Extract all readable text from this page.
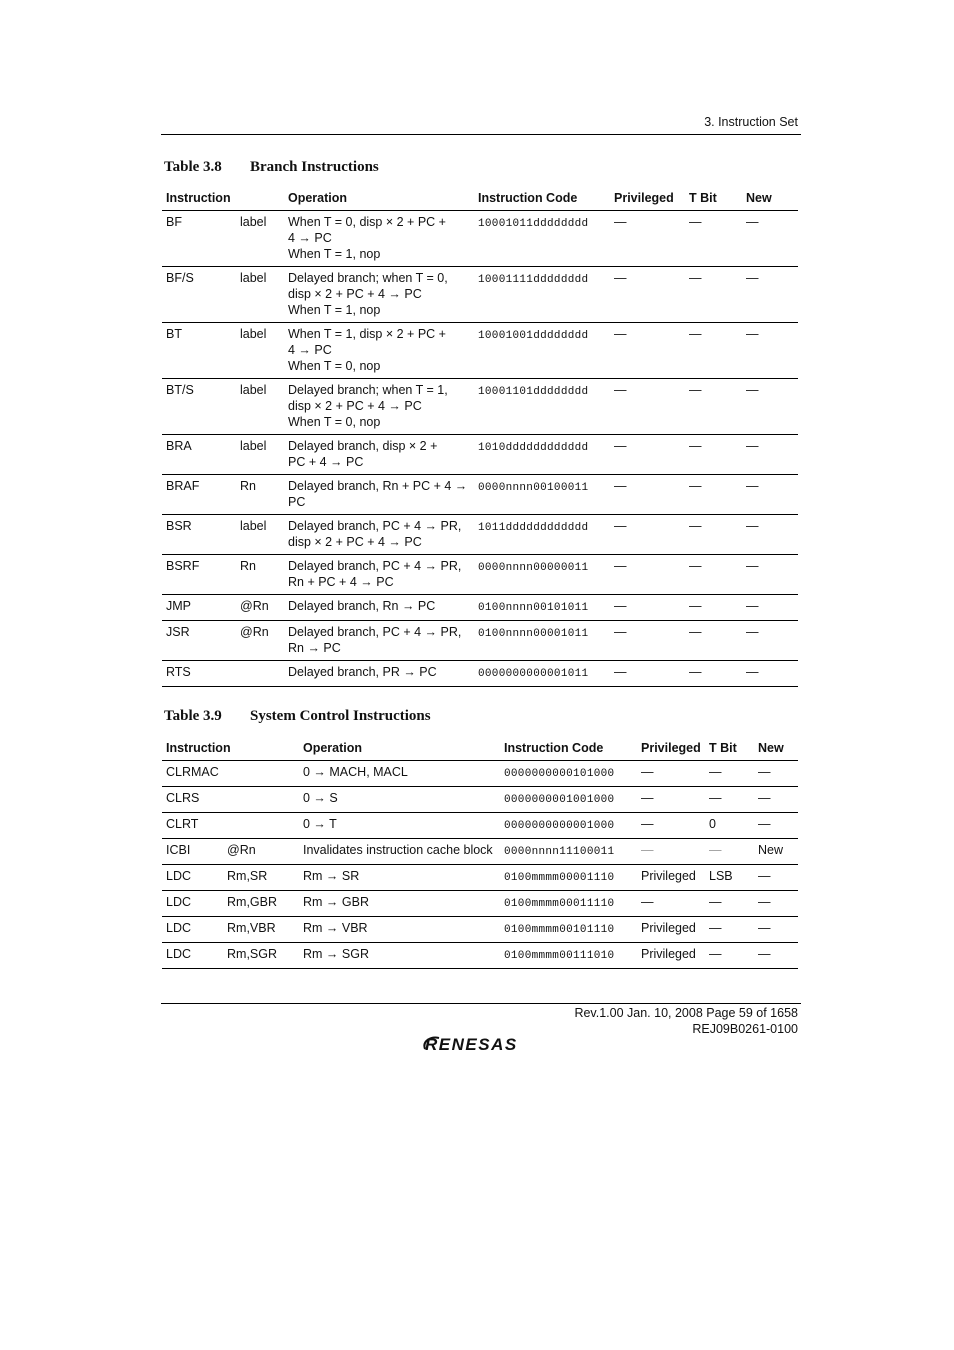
3. Instruction Set
Table 3.8 Branch Instructions
Instruction		Operation	Instruction Code	Privileged	T Bit	New
BF	label	When T = 0, disp × 2 + PC +
4 → PC
When T = 1, nop	10001011dddddddd	—	—	—
BF/S	label	Delayed branch; when T = 0,
disp × 2 + PC + 4 → PC
When T = 1, nop	10001111dddddddd	—	—	—
BT	label	When T = 1, disp × 2 + PC +
4 → PC
When T = 0, nop	10001001dddddddd	—	—	—
BT/S	label	Delayed branch; when T = 1,
disp × 2 + PC + 4 → PC
When T = 0, nop	10001101dddddddd	—	—	—
BRA	label	Delayed branch, disp × 2 +
PC + 4 → PC	1010dddddddddddd	—	—	—
BRAF	Rn	Delayed branch, Rn + PC + 4 →
PC	0000nnnn00100011	—	—	—
BSR	label	Delayed branch, PC + 4 → PR,
disp × 2 + PC + 4 → PC	1011dddddddddddd	—	—	—
BSRF	Rn	Delayed branch, PC + 4 → PR,
Rn + PC + 4 → PC	0000nnnn00000011	—	—	—
JMP	@Rn	Delayed branch, Rn → PC	0100nnnn00101011	—	—	—
JSR	@Rn	Delayed branch, PC + 4 → PR,
Rn → PC	0100nnnn00001011	—	—	—
RTS		Delayed branch, PR → PC	0000000000001011	—	—	—
Table 3.9 System Control Instructions
Instruction		Operation	Instruction Code	Privileged	T Bit	New
CLRMAC		0 → MACH, MACL	0000000000101000	—	—	—
CLRS		0 → S	0000000001001000	—	—	—
CLRT		0 → T	0000000000001000	—	0	—
ICBI	@Rn	Invalidates instruction cache block	0000nnnn11100011	—	—	New
LDC	Rm,SR	Rm → SR	0100mmmm00001110	Privileged	LSB	—
LDC	Rm,GBR	Rm → GBR	0100mmmm00011110	—	—	—
LDC	Rm,VBR	Rm → VBR	0100mmmm00101110	Privileged	—	—
LDC	Rm,SGR	Rm → SGR	0100mmmm00111010	Privileged	—	—
Rev.1.00 Jan. 10, 2008 Page 59 of 1658
REJ09B0261-0100
RENESAS
